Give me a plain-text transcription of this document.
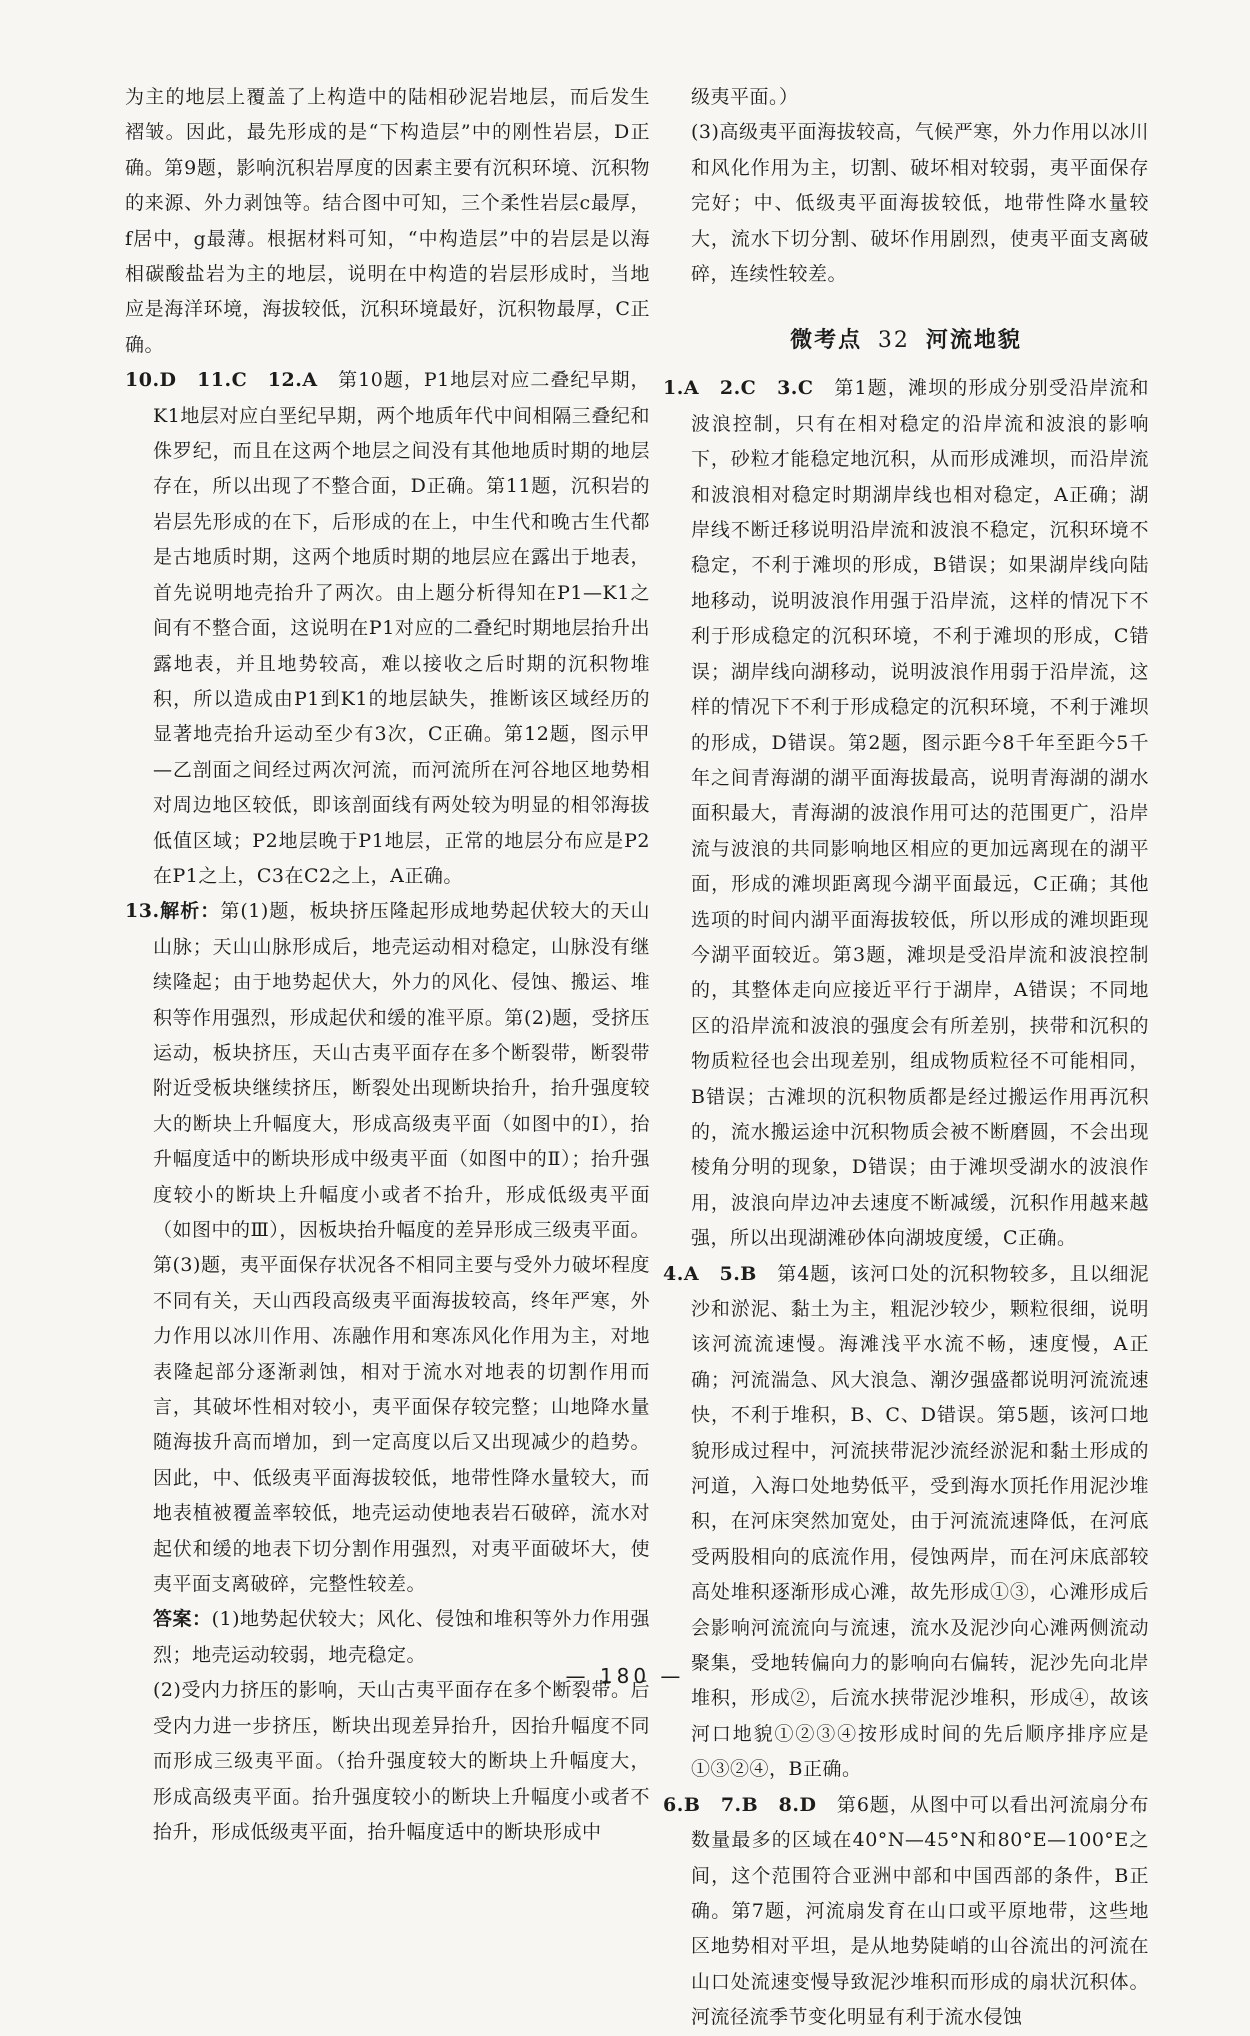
为主的地层上覆盖了上构造中的陆相砂泥岩地层，而后发生褶皱。因此，最先形成的是“下构造层”中的刚性岩层，D正确。第9题，影响沉积岩厚度的因素主要有沉积环境、沉积物的来源、外力剥蚀等。结合图中可知，三个柔性岩层c最厚，f居中，g最薄。根据材料可知，“中构造层”中的岩层是以海相碳酸盐岩为主的地层，说明在中构造的岩层形成时，当地应是海洋环境，海拔较低，沉积环境最好，沉积物最厚，C正确。

10.D　11.C　12.A　 第10题，P1地层对应二叠纪早期，K1地层对应白垩纪早期，两个地质年代中间相隔三叠纪和侏罗纪，而且在这两个地层之间没有其他地质时期的地层存在，所以出现了不整合面，D正确。第11题，沉积岩的岩层先形成的在下，后形成的在上，中生代和晚古生代都是古地质时期，这两个地质时期的地层应在露出于地表，首先说明地壳抬升了两次。由上题分析得知在P1—K1之间有不整合面，这说明在P1对应的二叠纪时期地层抬升出露地表，并且地势较高，难以接收之后时期的沉积物堆积，所以造成由P1到K1的地层缺失，推断该区域经历的显著地壳抬升运动至少有3次，C正确。第12题，图示甲—乙剖面之间经过两次河流，而河流所在河谷地区地势相对周边地区较低，即该剖面线有两处较为明显的相邻海拔低值区域；P2地层晚于P1地层，正常的地层分布应是P2在P1之上，C3在C2之上，A正确。

13.解析：第(1)题，板块挤压隆起形成地势起伏较大的天山山脉；天山山脉形成后，地壳运动相对稳定，山脉没有继续隆起；由于地势起伏大，外力的风化、侵蚀、搬运、堆积等作用强烈，形成起伏和缓的准平原。第(2)题，受挤压运动，板块挤压，天山古夷平面存在多个断裂带，断裂带附近受板块继续挤压，断裂处出现断块抬升，抬升强度较大的断块上升幅度大，形成高级夷平面（如图中的Ⅰ），抬升幅度适中的断块形成中级夷平面（如图中的Ⅱ）；抬升强度较小的断块上升幅度小或者不抬升，形成低级夷平面（如图中的Ⅲ），因板块抬升幅度的差异形成三级夷平面。第(3)题，夷平面保存状况各不相同主要与受外力破坏程度不同有关，天山西段高级夷平面海拔较高，终年严寒，外力作用以冰川作用、冻融作用和寒冻风化作用为主，对地表隆起部分逐渐剥蚀，相对于流水对地表的切割作用而言，其破坏性相对较小，夷平面保存较完整；山地降水量随海拔升高而增加，到一定高度以后又出现减少的趋势。因此，中、低级夷平面海拔较低，地带性降水量较大，而地表植被覆盖率较低，地壳运动使地表岩石破碎，流水对起伏和缓的地表下切分割作用强烈，对夷平面破坏大，使夷平面支离破碎，完整性较差。

答案：(1)地势起伏较大；风化、侵蚀和堆积等外力作用强烈；地壳运动较弱，地壳稳定。

(2)受内力挤压的影响，天山古夷平面存在多个断裂带。后受内力进一步挤压，断块出现差异抬升，因抬升幅度不同而形成三级夷平面。（抬升强度较大的断块上升幅度大，形成高级夷平面。抬升强度较小的断块上升幅度小或者不抬升，形成低级夷平面，抬升幅度适中的断块形成中

级夷平面。）

(3)高级夷平面海拔较高，气候严寒，外力作用以冰川和风化作用为主，切割、破坏相对较弱，夷平面保存完好；中、低级夷平面海拔较低，地带性降水量较大，流水下切分割、破坏作用剧烈，使夷平面支离破碎，连续性较差。

微考点 32 河流地貌

1.A　2.C　3.C　 第1题，滩坝的形成分别受沿岸流和波浪控制，只有在相对稳定的沿岸流和波浪的影响下，砂粒才能稳定地沉积，从而形成滩坝，而沿岸流和波浪相对稳定时期湖岸线也相对稳定，A正确；湖岸线不断迁移说明沿岸流和波浪不稳定，沉积环境不稳定，不利于滩坝的形成，B错误；如果湖岸线向陆地移动，说明波浪作用强于沿岸流，这样的情况下不利于形成稳定的沉积环境，不利于滩坝的形成，C错误；湖岸线向湖移动，说明波浪作用弱于沿岸流，这样的情况下不利于形成稳定的沉积环境，不利于滩坝的形成，D错误。第2题，图示距今8千年至距今5千年之间青海湖的湖平面海拔最高，说明青海湖的湖水面积最大，青海湖的波浪作用可达的范围更广，沿岸流与波浪的共同影响地区相应的更加远离现在的湖平面，形成的滩坝距离现今湖平面最远，C正确；其他选项的时间内湖平面海拔较低，所以形成的滩坝距现今湖平面较近。第3题，滩坝是受沿岸流和波浪控制的，其整体走向应接近平行于湖岸，A错误；不同地区的沿岸流和波浪的强度会有所差别，挟带和沉积的物质粒径也会出现差别，组成物质粒径不可能相同，B错误；古滩坝的沉积物质都是经过搬运作用再沉积的，流水搬运途中沉积物质会被不断磨圆，不会出现棱角分明的现象，D错误；由于滩坝受湖水的波浪作用，波浪向岸边冲去速度不断减缓，沉积作用越来越强，所以出现湖滩砂体向湖坡度缓，C正确。

4.A　5.B　 第4题，该河口处的沉积物较多，且以细泥沙和淤泥、黏土为主，粗泥沙较少，颗粒很细，说明该河流流速慢。海滩浅平水流不畅，速度慢，A正确；河流湍急、风大浪急、潮汐强盛都说明河流流速快，不利于堆积，B、C、D错误。第5题，该河口地貌形成过程中，河流挟带泥沙流经淤泥和黏土形成的河道，入海口处地势低平，受到海水顶托作用泥沙堆积，在河床突然加宽处，由于河流流速降低，在河底受两股相向的底流作用，侵蚀两岸，而在河床底部较高处堆积逐渐形成心滩，故先形成①③，心滩形成后会影响河流流向与流速，流水及泥沙向心滩两侧流动聚集，受地转偏向力的影响向右偏转，泥沙先向北岸堆积，形成②，后流水挟带泥沙堆积，形成④，故该河口地貌①②③④按形成时间的先后顺序排序应是①③②④，B正确。

6.B　7.B　8.D　 第6题，从图中可以看出河流扇分布数量最多的区域在40°N—45°N和80°E—100°E之间，这个范围符合亚洲中部和中国西部的条件，B正确。第7题，河流扇发育在山口或平原地带，这些地区地势相对平坦，是从地势陡峭的山谷流出的河流在山口处流速变慢导致泥沙堆积而形成的扇状沉积体。河流径流季节变化明显有利于流水侵蚀

— 180 —
